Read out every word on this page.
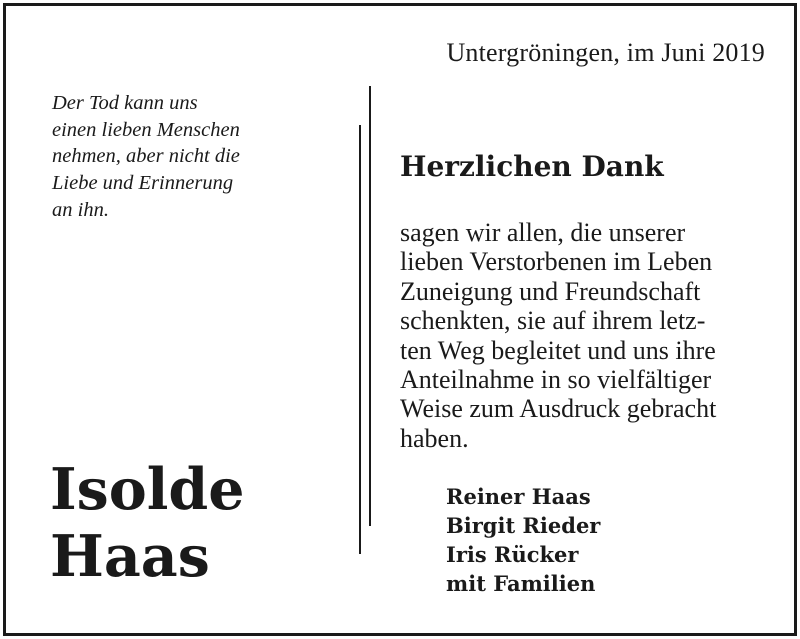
Untergröningen, im Juni 2019
Der Tod kann uns
einen lieben Menschen
nehmen, aber nicht die
Liebe und Erinnerung
an ihn.
Herzlichen Dank
sagen wir allen, die unserer
lieben Verstorbenen im Leben
Zuneigung und Freundschaft
schenkten, sie auf ihrem letz-
ten Weg begleitet und uns ihre
Anteilnahme in so vielfältiger
Weise zum Ausdruck gebracht
haben.
Isolde
Haas
Reiner Haas
Birgit Rieder
Iris Rücker
mit Familien
